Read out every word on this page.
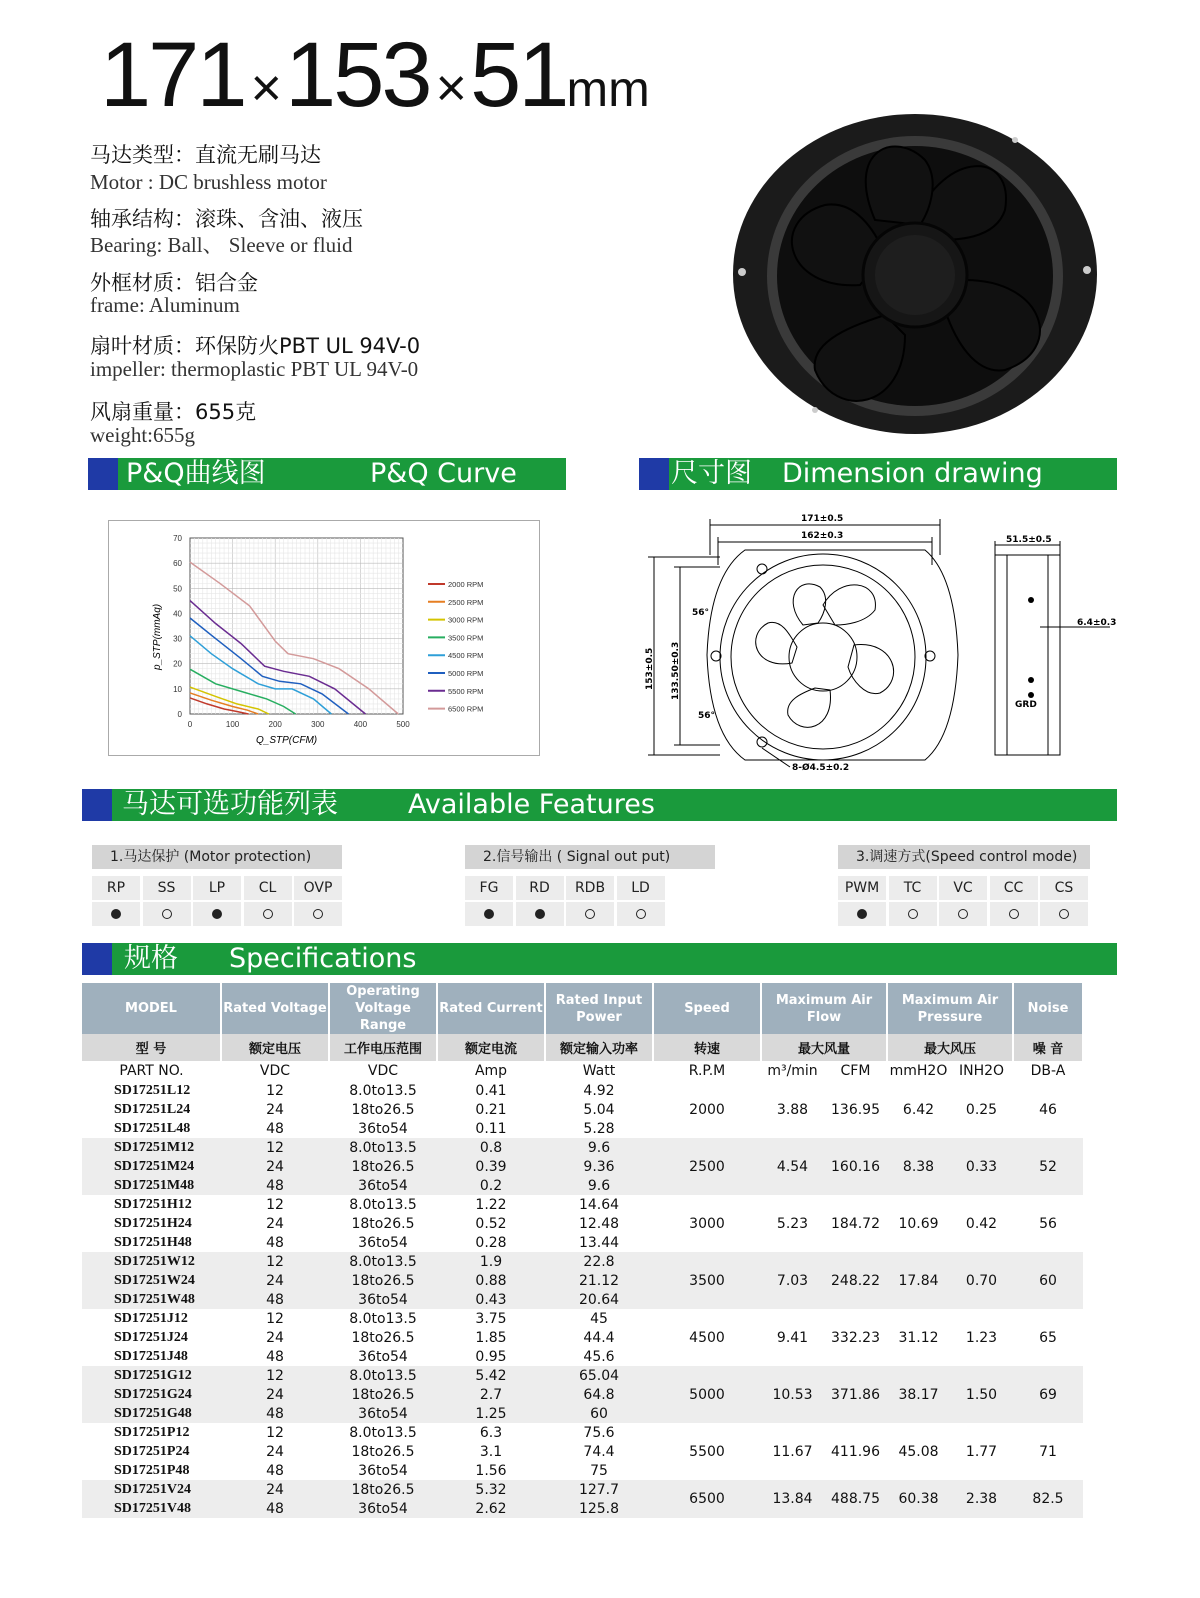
171 ×153 ×51mm
马达类型：直流无刷马达
Motor : DC brushless motor
轴承结构：滚珠、含油、液压
Bearing: Ball、 Sleeve or fluid
外框材质：铝合金
frame: Aluminum
扇叶材质：环保防火PBT UL 94V-0
impeller: thermoplastic PBT UL 94V-0
风扇重量：655克
weight:655g
P&Q曲线图	P&Q Curve	尺寸图 Dimension drawing
0	100	200	300	400	500
0
10
20
30
40
50
60
70
2000 RPM
2500 RPM
3000 RPM
3500 RPM
4500 RPM
5000 RPM
5500 RPM
6500 RPM
Q_STP(CFM)
p_STP(mmAq)
171±0.5
162±0.3
153±0.5 133.50±0.3
51.5±0.5
6.4±0.3
8-Ø4.5±0.2
56°
56°
GRD
马达可选功能列表	Available Features
1.马达保护 (Motor protection)
RP	SS	LP	CL	OVP
2.信号输出 ( Signal out put)
FG	RD	RDB	LD
3.调速方式(Speed control mode)
PWM	TC	VC	CC	CS
规格 Specifications
MODEL	Rated Voltage	Operating Voltage Range	Rated Current	Rated Input Power	Speed	Maximum Air Flow		Maximum Air Pressure		Noise
型 号	额定电压	工作电压范围	额定电流	额定输入功率	转速	最大风量		最大风压		噪 音
PART NO.	VDC	VDC	Amp	Watt	R.P.M	m³/min	CFM	mmH2O	INH2O	DB-A
SD17251L12	12	8.0to13.5	0.41	4.92	2000	3.88	136.95	6.42	0.25	46
SD17251L24	24	18to26.5	0.21	5.04						
SD17251L48	48	36to54	0.11	5.28						
SD17251M12	12	8.0to13.5	0.8	9.6	2500	4.54	160.16	8.38	0.33	52
SD17251M24	24	18to26.5	0.39	9.36						
SD17251M48	48	36to54	0.2	9.6						
SD17251H12	12	8.0to13.5	1.22	14.64	3000	5.23	184.72	10.69	0.42	56
SD17251H24	24	18to26.5	0.52	12.48						
SD17251H48	48	36to54	0.28	13.44						
SD17251W12	12	8.0to13.5	1.9	22.8	3500	7.03	248.22	17.84	0.70	60
SD17251W24	24	18to26.5	0.88	21.12						
SD17251W48	48	36to54	0.43	20.64						
SD17251J12	12	8.0to13.5	3.75	45	4500	9.41	332.23	31.12	1.23	65
SD17251J24	24	18to26.5	1.85	44.4						
SD17251J48	48	36to54	0.95	45.6						
SD17251G12	12	8.0to13.5	5.42	65.04	5000	10.53	371.86	38.17	1.50	69
SD17251G24	24	18to26.5	2.7	64.8						
SD17251G48	48	36to54	1.25	60						
SD17251P12	12	8.0to13.5	6.3	75.6	5500	11.67	411.96	45.08	1.77	71
SD17251P24	24	18to26.5	3.1	74.4						
SD17251P48	48	36to54	1.56	75						
SD17251V24	24	18to26.5	5.32	127.7	6500	13.84	488.75	60.38	2.38	82.5
SD17251V48	48	36to54	2.62	125.8						
